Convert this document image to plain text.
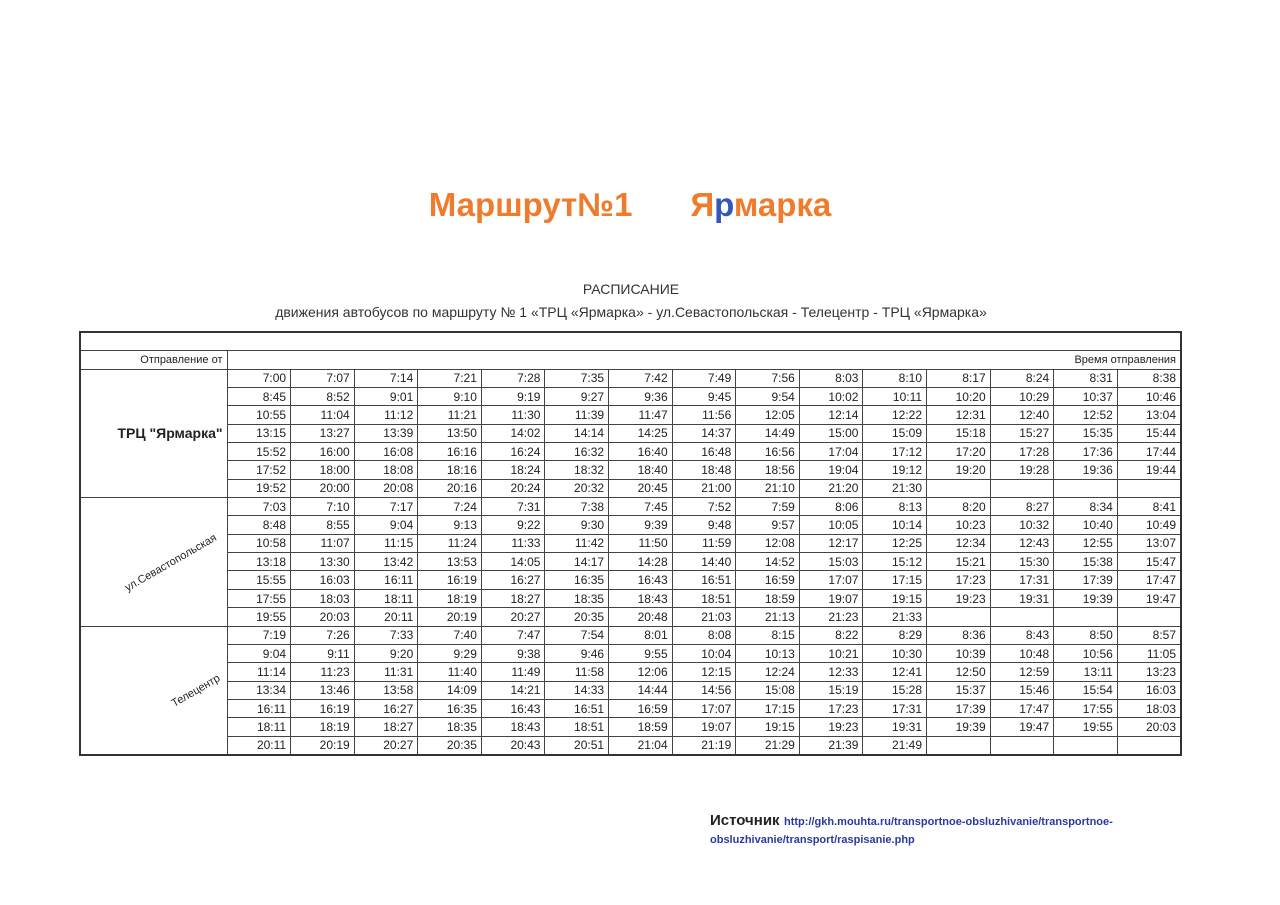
Маршрут№1 Ярмарка
РАСПИСАНИЕ
движения автобусов по маршруту № 1 «ТРЦ «Ярмарка» - ул.Севастопольская - Телецентр - ТРЦ «Ярмарка»

Отправление от	Время отправления														
ТРЦ "Ярмарка"	7:00	7:07	7:14	7:21	7:28	7:35	7:42	7:49	7:56	8:03	8:10	8:17	8:24	8:31	8:38
	8:45	8:52	9:01	9:10	9:19	9:27	9:36	9:45	9:54	10:02	10:11	10:20	10:29	10:37	10:46
	10:55	11:04	11:12	11:21	11:30	11:39	11:47	11:56	12:05	12:14	12:22	12:31	12:40	12:52	13:04
	13:15	13:27	13:39	13:50	14:02	14:14	14:25	14:37	14:49	15:00	15:09	15:18	15:27	15:35	15:44
	15:52	16:00	16:08	16:16	16:24	16:32	16:40	16:48	16:56	17:04	17:12	17:20	17:28	17:36	17:44
	17:52	18:00	18:08	18:16	18:24	18:32	18:40	18:48	18:56	19:04	19:12	19:20	19:28	19:36	19:44
	19:52	20:00	20:08	20:16	20:24	20:32	20:45	21:00	21:10	21:20	21:30				
ул.Севастопольская	7:03	7:10	7:17	7:24	7:31	7:38	7:45	7:52	7:59	8:06	8:13	8:20	8:27	8:34	8:41
	8:48	8:55	9:04	9:13	9:22	9:30	9:39	9:48	9:57	10:05	10:14	10:23	10:32	10:40	10:49
	10:58	11:07	11:15	11:24	11:33	11:42	11:50	11:59	12:08	12:17	12:25	12:34	12:43	12:55	13:07
	13:18	13:30	13:42	13:53	14:05	14:17	14:28	14:40	14:52	15:03	15:12	15:21	15:30	15:38	15:47
	15:55	16:03	16:11	16:19	16:27	16:35	16:43	16:51	16:59	17:07	17:15	17:23	17:31	17:39	17:47
	17:55	18:03	18:11	18:19	18:27	18:35	18:43	18:51	18:59	19:07	19:15	19:23	19:31	19:39	19:47
	19:55	20:03	20:11	20:19	20:27	20:35	20:48	21:03	21:13	21:23	21:33				
Телецентр	7:19	7:26	7:33	7:40	7:47	7:54	8:01	8:08	8:15	8:22	8:29	8:36	8:43	8:50	8:57
	9:04	9:11	9:20	9:29	9:38	9:46	9:55	10:04	10:13	10:21	10:30	10:39	10:48	10:56	11:05
	11:14	11:23	11:31	11:40	11:49	11:58	12:06	12:15	12:24	12:33	12:41	12:50	12:59	13:11	13:23
	13:34	13:46	13:58	14:09	14:21	14:33	14:44	14:56	15:08	15:19	15:28	15:37	15:46	15:54	16:03
	16:11	16:19	16:27	16:35	16:43	16:51	16:59	17:07	17:15	17:23	17:31	17:39	17:47	17:55	18:03
	18:11	18:19	18:27	18:35	18:43	18:51	18:59	19:07	19:15	19:23	19:31	19:39	19:47	19:55	20:03
	20:11	20:19	20:27	20:35	20:43	20:51	21:04	21:19	21:29	21:39	21:49				
Источник http://gkh.mouhta.ru/transportnoe-obsluzhivanie/transportnoe-obsluzhivanie/transport/raspisanie.php
